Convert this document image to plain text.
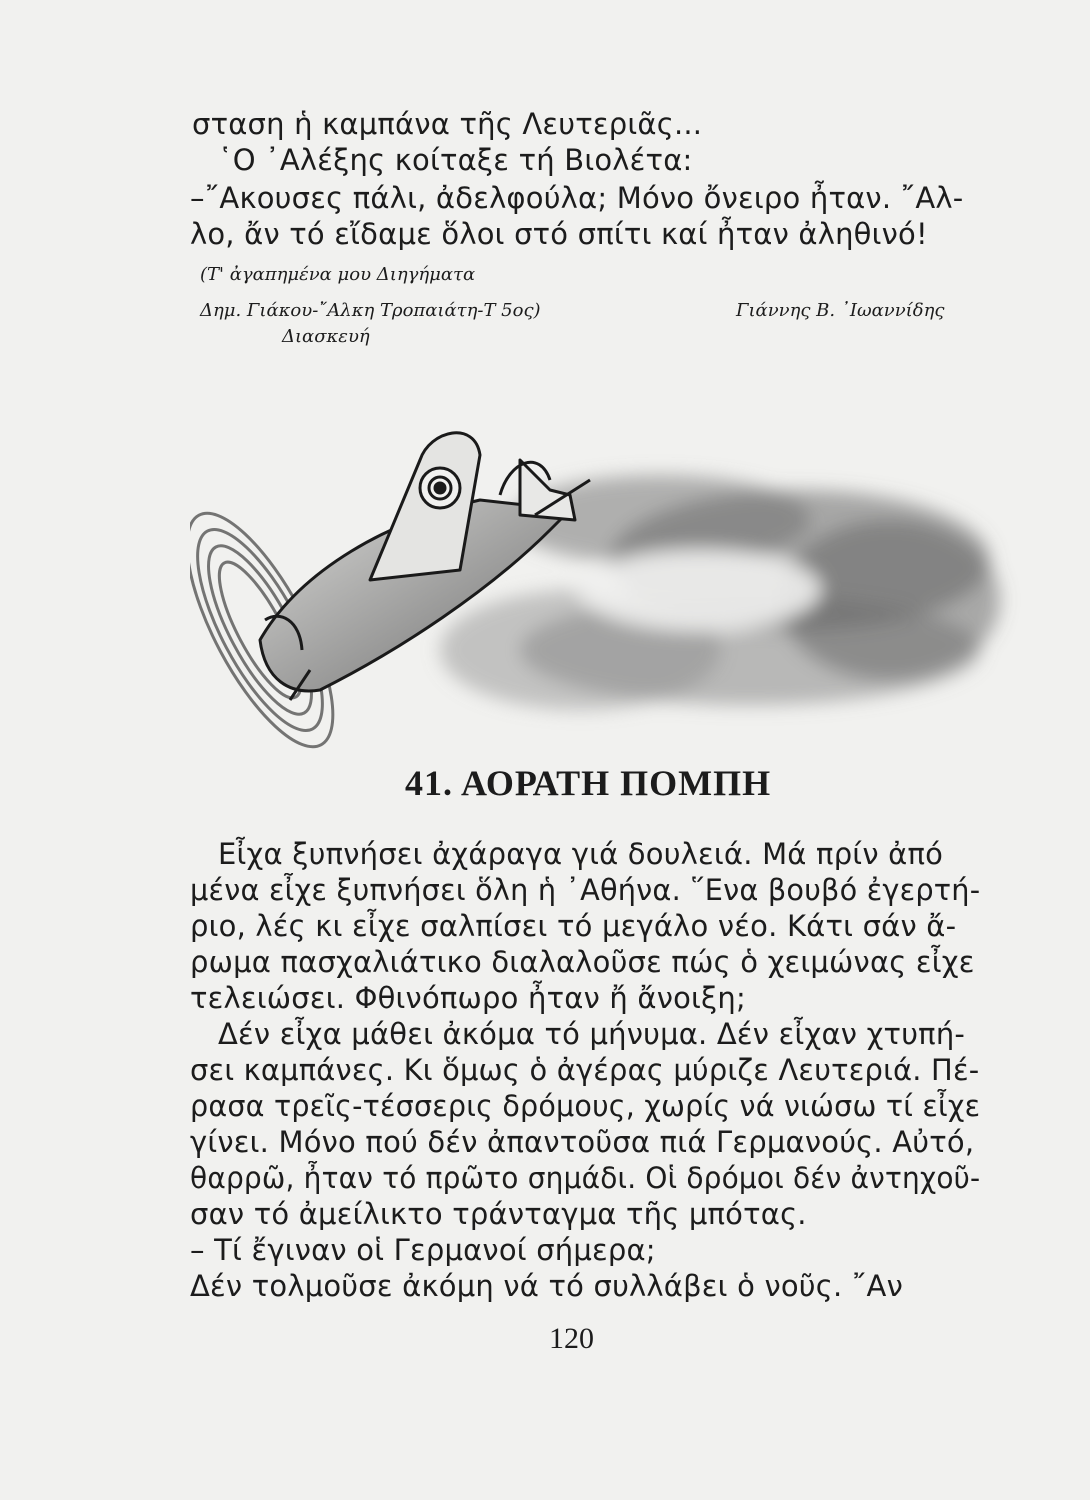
σταση ἡ καμπάνα τῆς Λευτεριᾶς...
῾Ο ᾿Αλέξης κοίταξε τή Βιολέτα:
–῎Ακουσες πάλι, ἀδελφούλα; Μόνο ὄνειρο ἦταν. ῎Αλ-
λο, ἄν τό εἴδαμε ὅλοι στό σπίτι καί ἦταν ἀληθινό!
(Τ' ἀγαπημένα μου Διηγήματα
Δημ. Γιάκου-῎Αλκη Τροπαιάτη-Τ 5ος)
Διασκευή
Γιάννης Β. ᾿Ιωαννίδης
41. ΑΟΡΑΤΗ ΠΟΜΠΗ
Εἶχα ξυπνήσει ἀχάραγα γιά δουλειά. Μά πρίν ἀπό
μένα εἶχε ξυπνήσει ὅλη ἡ ᾿Αθήνα. ῞Ενα βουβό ἐγερτή-
ριο, λές κι εἶχε σαλπίσει τό μεγάλο νέο. Κάτι σάν ἄ-
ρωμα πασχαλιάτικο διαλαλοῦσε πώς ὁ χειμώνας εἶχε
τελειώσει. Φθινόπωρο ἦταν ἤ ἄνοιξη;
Δέν εἶχα μάθει ἀκόμα τό μήνυμα. Δέν εἶχαν χτυπή-
σει καμπάνες. Κι ὅμως ὁ ἀγέρας μύριζε Λευτεριά. Πέ-
ρασα τρεῖς-τέσσερις δρόμους, χωρίς νά νιώσω τί εἶχε
γίνει. Μόνο πού δέν ἀπαντοῦσα πιά Γερμανούς. Αὐτό,
θαρρῶ, ἦταν τό πρῶτο σημάδι. Οἱ δρόμοι δέν ἀντηχοῦ-
σαν τό ἀμείλικτο τράνταγμα τῆς μπότας.
– Τί ἔγιναν οἱ Γερμανοί σήμερα;
Δέν τολμοῦσε ἀκόμη νά τό συλλάβει ὁ νοῦς. ῎Αν
120
